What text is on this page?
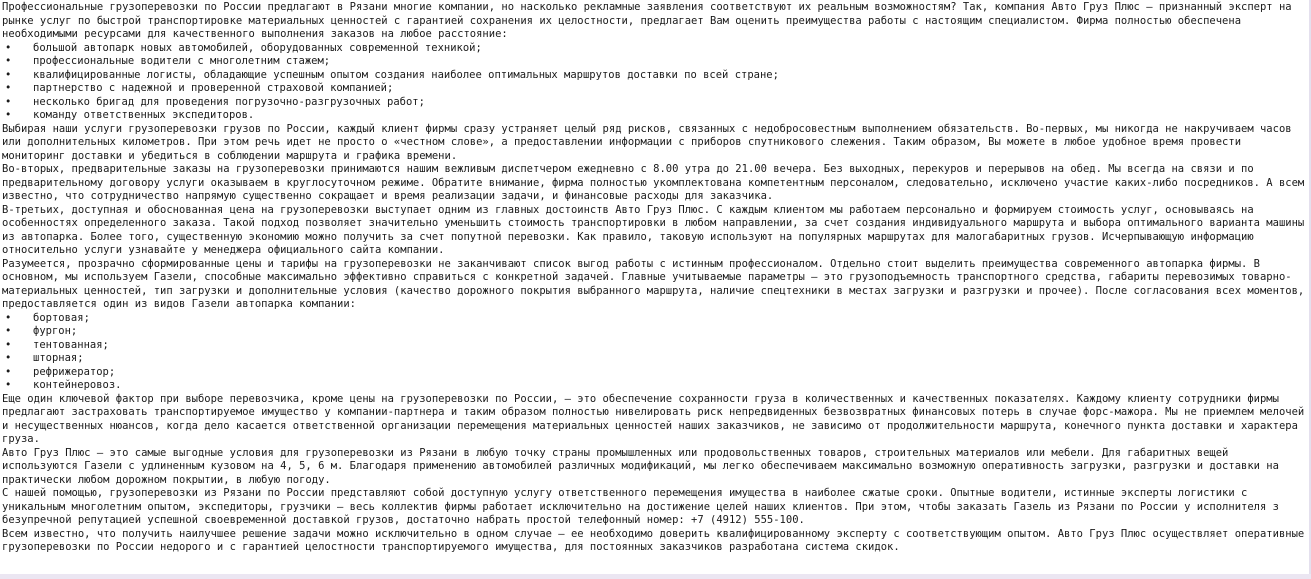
Профессиональные грузоперевозки по России предлагают в Рязани многие компании, но насколько рекламные заявления соответствуют их реальным возможностям? Так, компания Авто Груз Плюс – признанный эксперт на рынке услуг по быстрой транспортировке материальных ценностей с гарантией сохранения их целостности, предлагает Вам оценить преимущества работы с настоящим специалистом. Фирма полностью обеспечена необходимыми ресурсами для качественного выполнения заказов на любое расстояние:

• большой автопарк новых автомобилей, оборудованных современной техникой;
• профессиональные водители с многолетним стажем;
• квалифицированные логисты, обладающие успешным опытом создания наиболее оптимальных маршрутов доставки по всей стране;
• партнерство с надежной и проверенной страховой компанией;
• несколько бригад для проведения погрузочно-разгрузочных работ;
• команду ответственных экспедиторов.

Выбирая наши услуги грузоперевозки грузов по России, каждый клиент фирмы сразу устраняет целый ряд рисков, связанных с недобросовестным выполнением обязательств. Во-первых, мы никогда не накручиваем часов или дополнительных километров. При этом речь идет не просто о «честном слове», а предоставлении информации с приборов спутникового слежения. Таким образом, Вы можете в любое удобное время провести мониторинг доставки и убедиться в соблюдении маршрута и графика времени.

Во-вторых, предварительные заказы на грузоперевозки принимаются нашим вежливым диспетчером ежедневно с 8.00 утра до 21.00 вечера. Без выходных, перекуров и перерывов на обед. Мы всегда на связи и по предварительному договору услуги оказываем в круглосуточном режиме. Обратите внимание, фирма полностью укомплектована компетентным персоналом, следовательно, исключено участие каких-либо посредников. А всем известно, что сотрудничество напрямую существенно сокращает и время реализации задачи, и финансовые расходы для заказчика.

В-третьих, доступная и обоснованная цена на грузоперевозки выступает одним из главных достоинств Авто Груз Плюс. С каждым клиентом мы работаем персонально и формируем стоимость услуг, основываясь на особенностях определенного заказа. Такой подход позволяет значительно уменьшить стоимость транспортировки в любом направлении, за счет создания индивидуального маршрута и выбора оптимального варианта машины из автопарка. Более того, существенную экономию можно получить за счет попутной перевозки. Как правило, таковую используют на популярных маршрутах для малогабаритных грузов. Исчерпывающую информацию относительно услуги узнавайте у менеджера официального сайта компании.

Разумеется, прозрачно сформированные цены и тарифы на грузоперевозки не заканчивают список выгод работы с истинным профессионалом. Отдельно стоит выделить преимущества современного автопарка фирмы. В основном, мы используем Газели, способные максимально эффективно справиться с конкретной задачей. Главные учитываемые параметры – это грузоподъемность транспортного средства, габариты перевозимых товарно-материальных ценностей, тип загрузки и дополнительные условия (качество дорожного покрытия выбранного маршрута, наличие спецтехники в местах загрузки и разгрузки и прочее). После согласования всех моментов, предоставляется один из видов Газели автопарка компании:

• бортовая;
• фургон;
• тентованная;
• шторная;
• рефрижератор;
• контейнеровоз.

Еще один ключевой фактор при выборе перевозчика, кроме цены на грузоперевозки по России, – это обеспечение сохранности груза в количественных и качественных показателях. Каждому клиенту сотрудники фирмы предлагают застраховать транспортируемое имущество у компании-партнера и таким образом полностью нивелировать риск непредвиденных безвозвратных финансовых потерь в случае форс-мажора. Мы не приемлем мелочей и несущественных нюансов, когда дело касается ответственной организации перемещения материальных ценностей наших заказчиков, не зависимо от продолжительности маршрута, конечного пункта доставки и характера груза.

Авто Груз Плюс – это самые выгодные условия для грузоперевозки из Рязани в любую точку страны промышленных или продовольственных товаров, строительных материалов или мебели. Для габаритных вещей используются Газели с удлиненным кузовом на 4, 5, 6 м. Благодаря применению автомобилей различных модификаций, мы легко обеспечиваем максимально возможную оперативность загрузки, разгрузки и доставки на практически любом дорожном покрытии, в любую погоду.

С нашей помощью, грузоперевозки из Рязани по России представляют собой доступную услугу ответственного перемещения имущества в наиболее сжатые сроки. Опытные водители, истинные эксперты логистики с уникальным многолетним опытом, экспедиторы, грузчики – весь коллектив фирмы работает исключительно на достижение целей наших клиентов. При этом, чтобы заказать Газель из Рязани по России у исполнителя з безупречной репутацией успешной своевременной доставкой грузов, достаточно набрать простой телефонный номер: +7 (4912) 555-100.

Всем известно, что получить наилучшее решение задачи можно исключительно в одном случае – ее необходимо доверить квалифицированному эксперту с соответствующим опытом. Авто Груз Плюс осуществляет оперативные грузоперевозки по России недорого и с гарантией целостности транспортируемого имущества, для постоянных заказчиков разработана система скидок.
